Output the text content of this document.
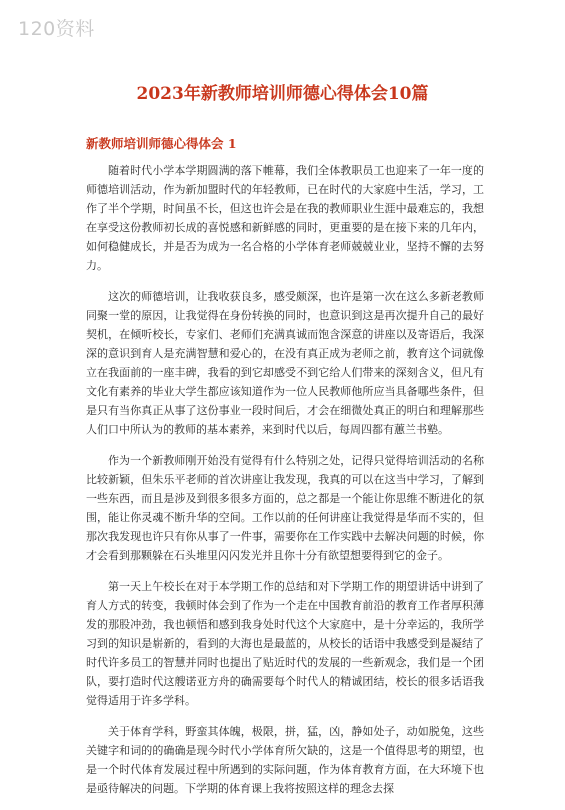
120资料
2023年新教师培训师德心得体会10篇
新教师培训师德心得体会 1

随着时代小学本学期圆满的落下帷幕，我们全体教职员工也迎来了一年一度的师德培训活动，作为新加盟时代的年轻教师，已在时代的大家庭中生活，学习，工作了半个学期，时间虽不长，但这也许会是在我的教师职业生涯中最难忘的，我想在享受这份教师初长成的喜悦感和新鲜感的同时，更重要的是在接下来的几年内，如何稳健成长，并是否为成为一名合格的小学体育老师兢兢业业，坚持不懈的去努力。

这次的师德培训，让我收获良多，感受颇深，也许是第一次在这么多新老教师同聚一堂的原因，让我觉得在身份转换的同时，也意识到这是再次提升自己的最好契机，在倾听校长，专家们、老师们充满真诚而饱含深意的讲座以及寄语后，我深深的意识到育人是充满智慧和爱心的，在没有真正成为老师之前，教育这个词就像立在我面前的一座丰碑，我看的到它却感受不到它给人们带来的深刻含义，但凡有文化有素养的毕业大学生都应该知道作为一位人民教师他所应当具备哪些条件，但是只有当你真正从事了这份事业一段时间后，才会在细微处真正的明白和理解那些人们口中所认为的教师的基本素养，来到时代以后，每周四都有蕙兰书塾。

作为一个新教师刚开始没有觉得有什么特别之处，记得只觉得培训活动的名称比较新颖，但朱乐平老师的首次讲座让我发现，我真的可以在这当中学习，了解到一些东西，而且是涉及到很多很多方面的，总之都是一个能让你思维不断进化的氛围，能让你灵魂不断升华的空间。工作以前的任何讲座让我觉得是华而不实的，但那次我发现也许只有你从事了一件事，需要你在工作实践中去解决问题的时候，你才会看到那颗躲在石头堆里闪闪发光并且你十分有欲望想要得到它的金子。

第一天上午校长在对于本学期工作的总结和对下学期工作的期望讲话中讲到了育人方式的转变，我顿时体会到了作为一个走在中国教育前沿的教育工作者厚积薄发的那股冲劲，我也顿悟和感到我身处时代这个大家庭中，是十分幸运的，我所学习到的知识是崭新的，看到的大海也是最蓝的，从校长的话语中我感受到是凝结了时代许多员工的智慧并同时也提出了贴近时代的发展的一些新观念，我们是一个团队，要打造时代这艘诺亚方舟的确需要每个时代人的精诚团结，校长的很多话语我觉得适用于许多学科。

关于体育学科，野蛮其体魄，极限，拼，猛，凶，静如处子，动如脱兔，这些关键字和词的的确确是现今时代小学体育所欠缺的，这是一个值得思考的期望，也是一个时代体育发展过程中所遇到的实际问题，作为体育教育方面，在大环境下也是亟待解决的问题。下学期的体育课上我将按照这样的理念去探
